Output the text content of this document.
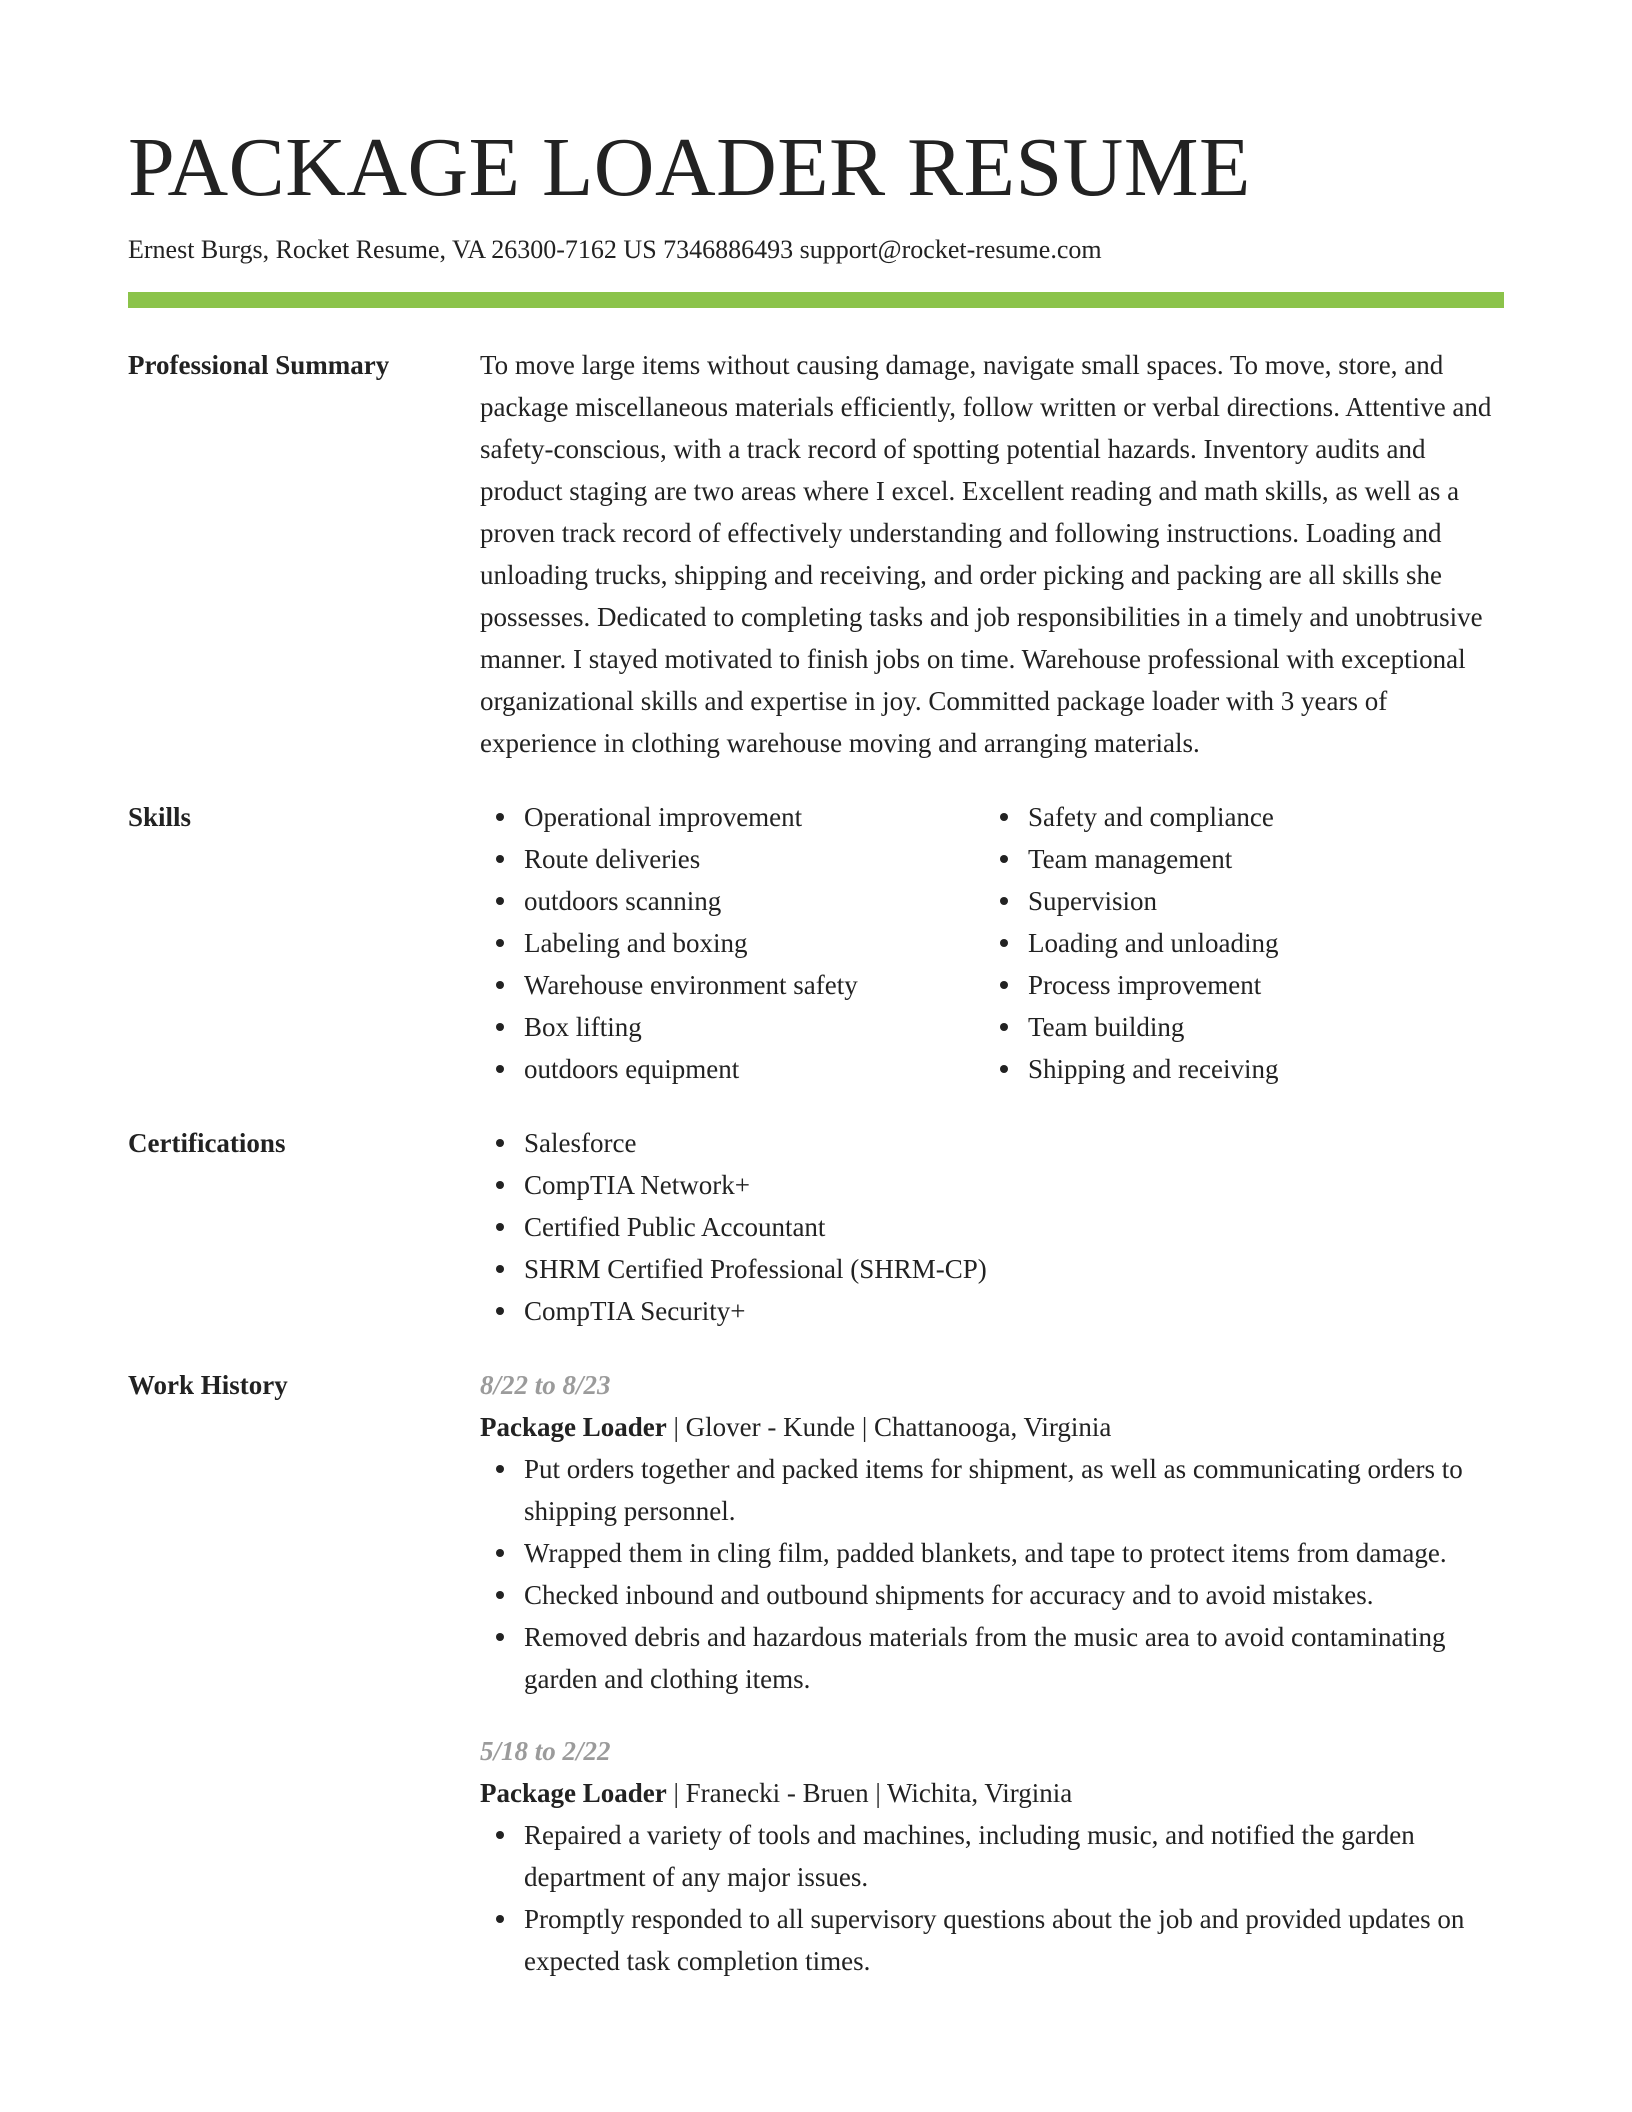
PACKAGE LOADER RESUME
Ernest Burgs, Rocket Resume, VA 26300-7162 US 7346886493 support@rocket-resume.com
Professional Summary	To move large items without causing damage, navigate small spaces. To move, store, and package miscellaneous materials efficiently, follow written or verbal directions. Attentive and safety-conscious, with a track record of spotting potential hazards. Inventory audits and product staging are two areas where I excel. Excellent reading and math skills, as well as a proven track record of effectively understanding and following instructions. Loading and unloading trucks, shipping and receiving, and order picking and packing are all skills she possesses. Dedicated to completing tasks and job responsibilities in a timely and unobtrusive manner. I stayed motivated to finish jobs on time. Warehouse professional with exceptional organizational skills and expertise in joy. Committed package loader with 3 years of experience in clothing warehouse moving and arranging materials.

Skills	Operational improvement
Route deliveries
outdoors scanning
Labeling and boxing
Warehouse environment safety
Box lifting
outdoors equipment
Safety and compliance
Team management
Supervision
Loading and unloading
Process improvement
Team building
Shipping and receiving
Certifications	Salesforce
CompTIA Network+
Certified Public Accountant
SHRM Certified Professional (SHRM-CP)
CompTIA Security+
Work History	8/22 to 8/23
Package Loader | Glover - Kunde | Chattanooga, Virginia
Put orders together and packed items for shipment, as well as communicating orders to shipping personnel.
Wrapped them in cling film, padded blankets, and tape to protect items from damage.
Checked inbound and outbound shipments for accuracy and to avoid mistakes.
Removed debris and hazardous materials from the music area to avoid contaminating garden and clothing items.
5/18 to 2/22
Package Loader | Franecki - Bruen | Wichita, Virginia
Repaired a variety of tools and machines, including music, and notified the garden department of any major issues.
Promptly responded to all supervisory questions about the job and provided updates on expected task completion times.
